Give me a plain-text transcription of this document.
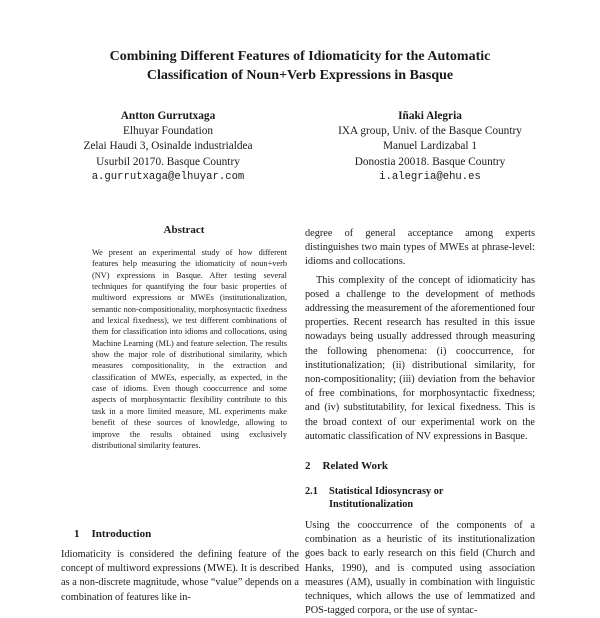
Combining Different Features of Idiomaticity for the Automatic
Classification of Noun+Verb Expressions in Basque
Antton Gurrutxaga
Elhuyar Foundation
Zelai Haudi 3, Osinalde industrialdea
Usurbil 20170. Basque Country
a.gurrutxaga@elhuyar.com
Iñaki Alegria
IXA group, Univ. of the Basque Country
Manuel Lardizabal 1
Donostia 20018. Basque Country
i.alegria@ehu.es
Abstract

We present an experimental study of how different features help measuring the idiomaticity of noun+verb (NV) expressions in Basque. After testing several techniques for quantifying the four basic properties of multiword expressions or MWEs (institutionalization, semantic non-compositionality, morphosyntactic fixedness and lexical fixedness), we test different combinations of them for classification into idioms and collocations, using Machine Learning (ML) and feature selection. The results show the major role of distributional similarity, which measures compositionality, in the extraction and classification of MWEs, especially, as expected, in the case of idioms. Even though cooccurrence and some aspects of morphosyntactic flexibility contribute to this task in a more limited measure, ML experiments make benefit of these sources of knowledge, allowing to improve the results obtained using exclusively distributional similarity features.

1 Introduction

Idiomaticity is considered the defining feature of the concept of multiword expressions (MWE). It is described as a non-discrete magnitude, whose “value” depends on a combination of features like in-

degree of general acceptance among experts distinguishes two main types of MWEs at phrase-level: idioms and collocations.

This complexity of the concept of idiomaticity has posed a challenge to the development of methods addressing the measurement of the aforementioned four properties. Recent research has resulted in this issue nowadays being usually addressed through measuring the following phenomena: (i) cooccurrence, for institutionalization; (ii) distributional similarity, for non-compositionality; (iii) deviation from the behavior of free combinations, for morphosyntactic fixedness; and (iv) substitutability, for lexical fixedness. This is the broad context of our experimental work on the automatic classification of NV expressions in Basque.

2 Related Work
2.1	Statistical Idiosyncrasy or
Institutionalization

Using the cooccurrence of the components of a combination as a heuristic of its institutionalization goes back to early research on this field (Church and Hanks, 1990), and is computed using association measures (AM), usually in combination with linguistic techniques, which allows the use of lemmatized and POS-tagged corpora, or the use of syntac-
